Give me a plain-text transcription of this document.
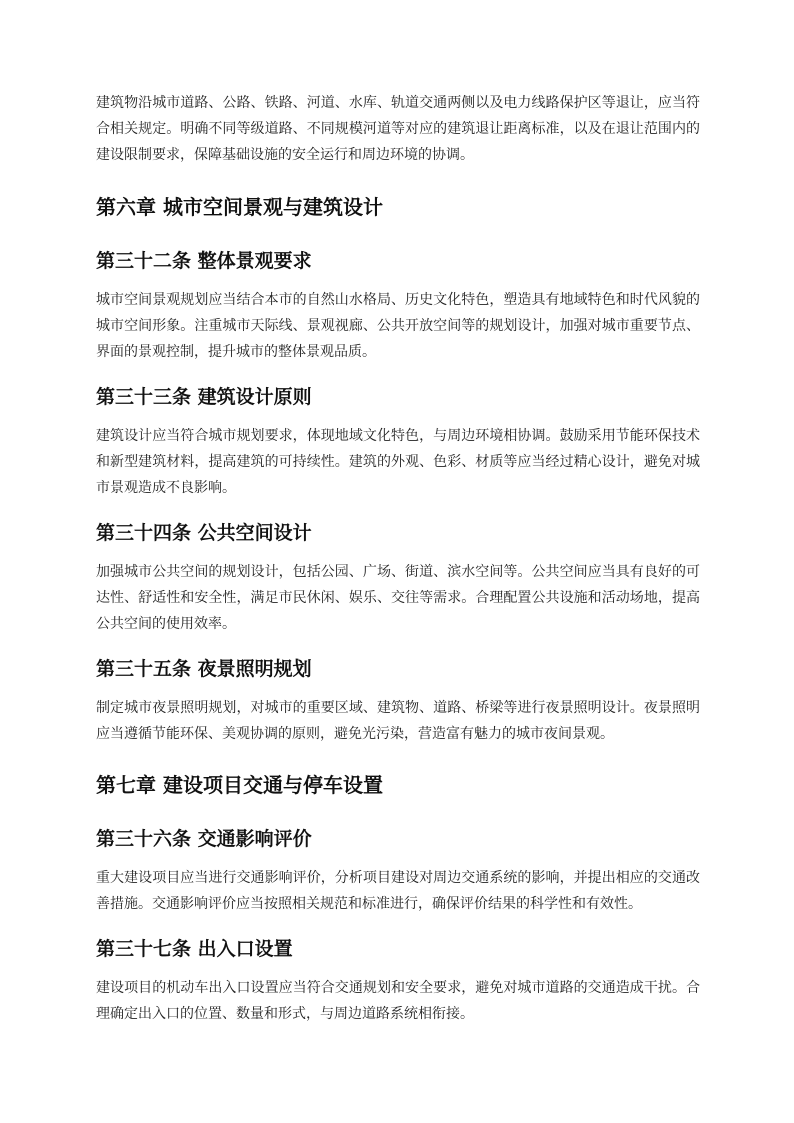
建筑物沿城市道路、公路、铁路、河道、水库、轨道交通两侧以及电力线路保护区等退让，应当符合相关规定。明确不同等级道路、不同规模河道等对应的建筑退让距离标准，以及在退让范围内的建设限制要求，保障基础设施的安全运行和周边环境的协调。

第六章 城市空间景观与建筑设计
第三十二条 整体景观要求

城市空间景观规划应当结合本市的自然山水格局、历史文化特色，塑造具有地域特色和时代风貌的城市空间形象。注重城市天际线、景观视廊、公共开放空间等的规划设计，加强对城市重要节点、界面的景观控制，提升城市的整体景观品质。

第三十三条 建筑设计原则

建筑设计应当符合城市规划要求，体现地域文化特色，与周边环境相协调。鼓励采用节能环保技术和新型建筑材料，提高建筑的可持续性。建筑的外观、色彩、材质等应当经过精心设计，避免对城市景观造成不良影响。

第三十四条 公共空间设计

加强城市公共空间的规划设计，包括公园、广场、街道、滨水空间等。公共空间应当具有良好的可达性、舒适性和安全性，满足市民休闲、娱乐、交往等需求。合理配置公共设施和活动场地，提高公共空间的使用效率。

第三十五条 夜景照明规划

制定城市夜景照明规划，对城市的重要区域、建筑物、道路、桥梁等进行夜景照明设计。夜景照明应当遵循节能环保、美观协调的原则，避免光污染，营造富有魅力的城市夜间景观。

第七章 建设项目交通与停车设置
第三十六条 交通影响评价

重大建设项目应当进行交通影响评价，分析项目建设对周边交通系统的影响，并提出相应的交通改善措施。交通影响评价应当按照相关规范和标准进行，确保评价结果的科学性和有效性。

第三十七条 出入口设置

建设项目的机动车出入口设置应当符合交通规划和安全要求，避免对城市道路的交通造成干扰。合理确定出入口的位置、数量和形式，与周边道路系统相衔接。
